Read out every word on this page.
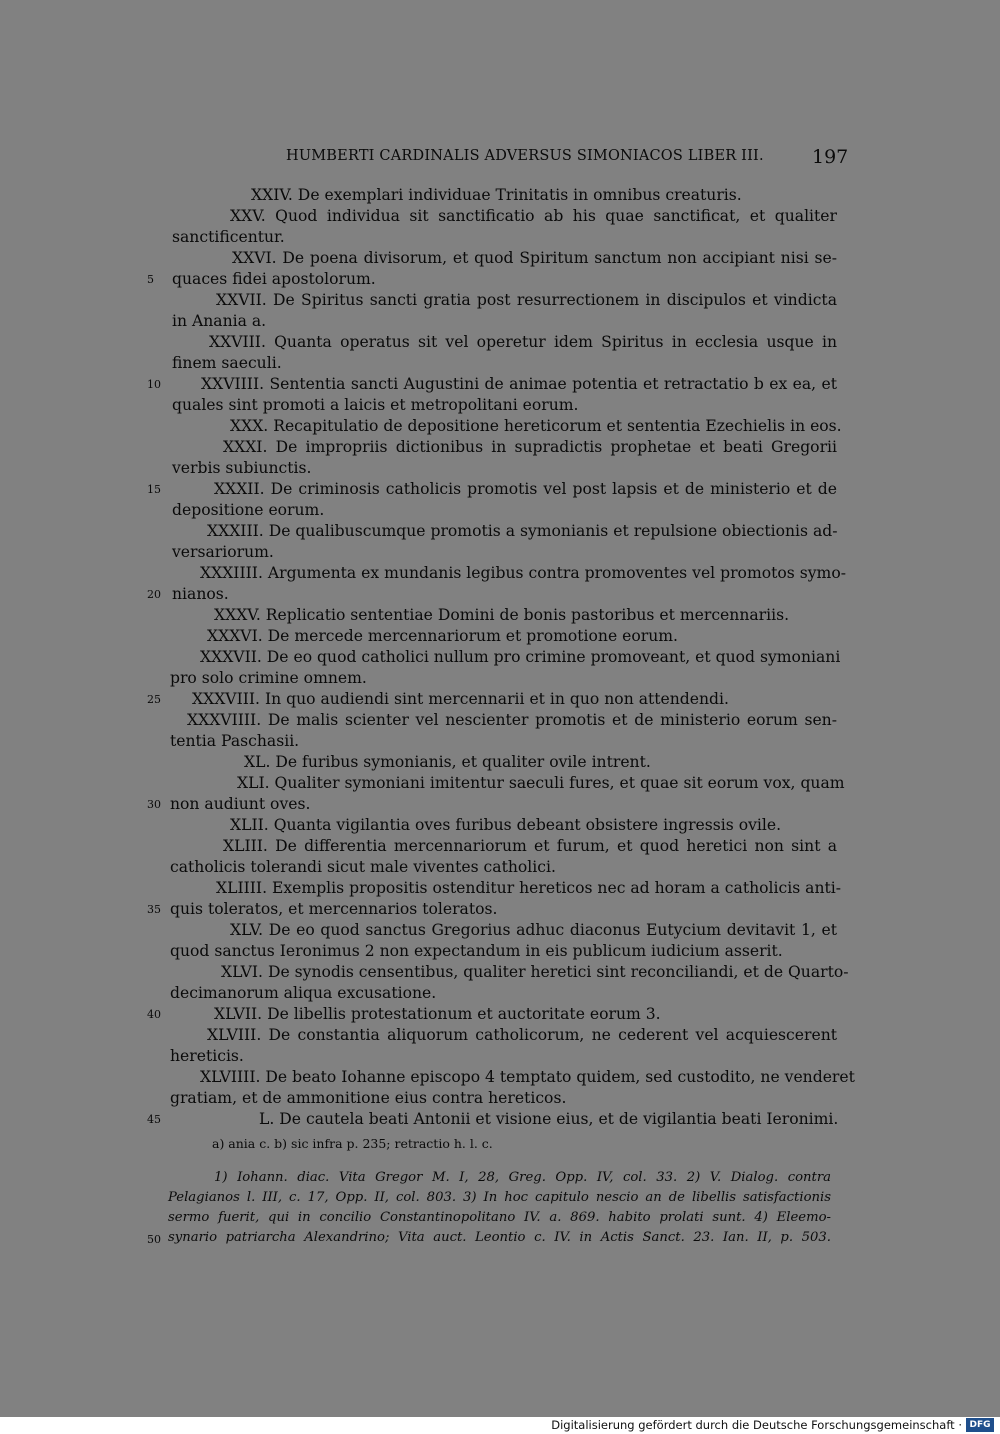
HUMBERTI CARDINALIS ADVERSUS SIMONIACOS LIBER III.	197
XXIV. De exemplari individuae Trinitatis in omnibus creaturis.
XXV. Quod individua sit sanctificatio ab his quae sanctificat, et qualiter
sanctificentur.
XXVI. De poena divisorum, et quod Spiritum sanctum non accipiant nisi se-
quaces fidei apostolorum.
XXVII. De Spiritus sancti gratia post resurrectionem in discipulos et vindicta
in Anania a.
XXVIII. Quanta operatus sit vel operetur idem Spiritus in ecclesia usque in
finem saeculi.
XXVIIII. Sententia sancti Augustini de animae potentia et retractatio b ex ea, et
quales sint promoti a laicis et metropolitani eorum.
XXX. Recapitulatio de depositione hereticorum et sententia Ezechielis in eos.
XXXI. De impropriis dictionibus in supradictis prophetae et beati Gregorii
verbis subiunctis.
XXXII. De criminosis catholicis promotis vel post lapsis et de ministerio et de
depositione eorum.
XXXIII. De qualibuscumque promotis a symonianis et repulsione obiectionis ad-
versariorum.
XXXIIII. Argumenta ex mundanis legibus contra promoventes vel promotos symo-
nianos.
XXXV. Replicatio sententiae Domini de bonis pastoribus et mercennariis.
XXXVI. De mercede mercennariorum et promotione eorum.
XXXVII. De eo quod catholici nullum pro crimine promoveant, et quod symoniani
pro solo crimine omnem.
XXXVIII. In quo audiendi sint mercennarii et in quo non attendendi.
XXXVIIII. De malis scienter vel nescienter promotis et de ministerio eorum sen-
tentia Paschasii.
XL. De furibus symonianis, et qualiter ovile intrent.
XLI. Qualiter symoniani imitentur saeculi fures, et quae sit eorum vox, quam
non audiunt oves.
XLII. Quanta vigilantia oves furibus debeant obsistere ingressis ovile.
XLIII. De differentia mercennariorum et furum, et quod heretici non sint a
catholicis tolerandi sicut male viventes catholici.
XLIIII. Exemplis propositis ostenditur hereticos nec ad horam a catholicis anti-
quis toleratos, et mercennarios toleratos.
XLV. De eo quod sanctus Gregorius adhuc diaconus Eutycium devitavit 1, et
quod sanctus Ieronimus 2 non expectandum in eis publicum iudicium asserit.
XLVI. De synodis censentibus, qualiter heretici sint reconciliandi, et de Quarto-
decimanorum aliqua excusatione.
XLVII. De libellis protestationum et auctoritate eorum 3.
XLVIII. De constantia aliquorum catholicorum, ne cederent vel acquiescerent
hereticis.
XLVIIII. De beato Iohanne episcopo 4 temptato quidem, sed custodito, ne venderet
gratiam, et de ammonitione eius contra hereticos.
L. De cautela beati Antonii et visione eius, et de vigilantia beati Ieronimi.
5
10
15
20
25
30
35
40
45
50
a) ania c. b) sic infra p. 235; retractio h. l. c.
1) Iohann. diac. Vita Gregor M. I, 28, Greg. Opp. IV, col. 33. 2) V. Dialog. contra
Pelagianos l. III, c. 17, Opp. II, col. 803. 3) In hoc capitulo nescio an de libellis satisfactionis
sermo fuerit, qui in concilio Constantinopolitano IV. a. 869. habito prolati sunt. 4) Eleemo-
synario patriarcha Alexandrino; Vita auct. Leontio c. IV. in Actis Sanct. 23. Ian. II, p. 503.
Digitalisierung gefördert durch die Deutsche Forschungsgemeinschaft · DFG
